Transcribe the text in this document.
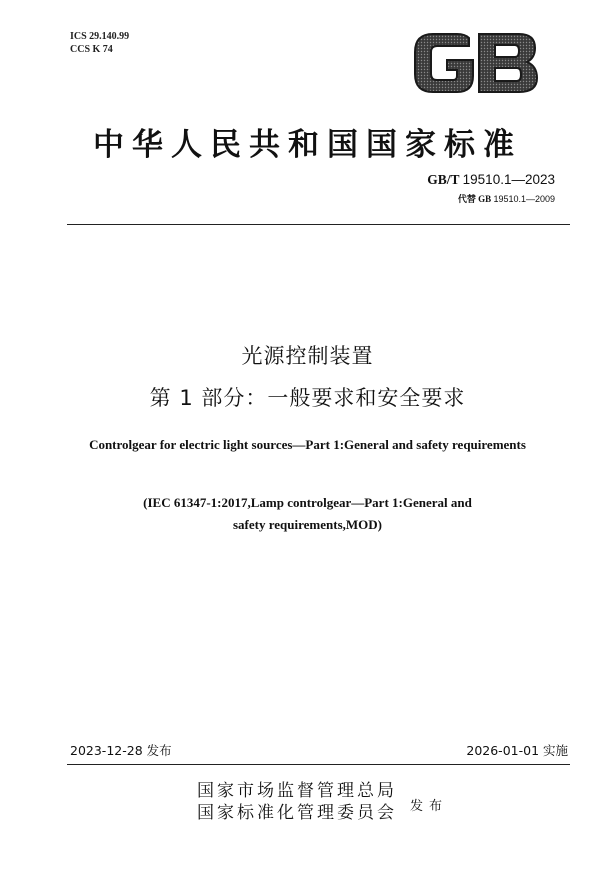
ICS 29.140.99
CCS K 74
中华人民共和国国家标准
GB/T 19510.1—2023
代替 GB 19510.1—2009
光源控制装置
第 1 部分：一般要求和安全要求
Controlgear for electric light sources—Part 1:General and safety requirements
(IEC 61347-1:2017,Lamp controlgear—Part 1:General and
safety requirements,MOD)
2023-12-28 发布	2026-01-01 实施
国家市场监督管理总局
国家标准化管理委员会 发布
